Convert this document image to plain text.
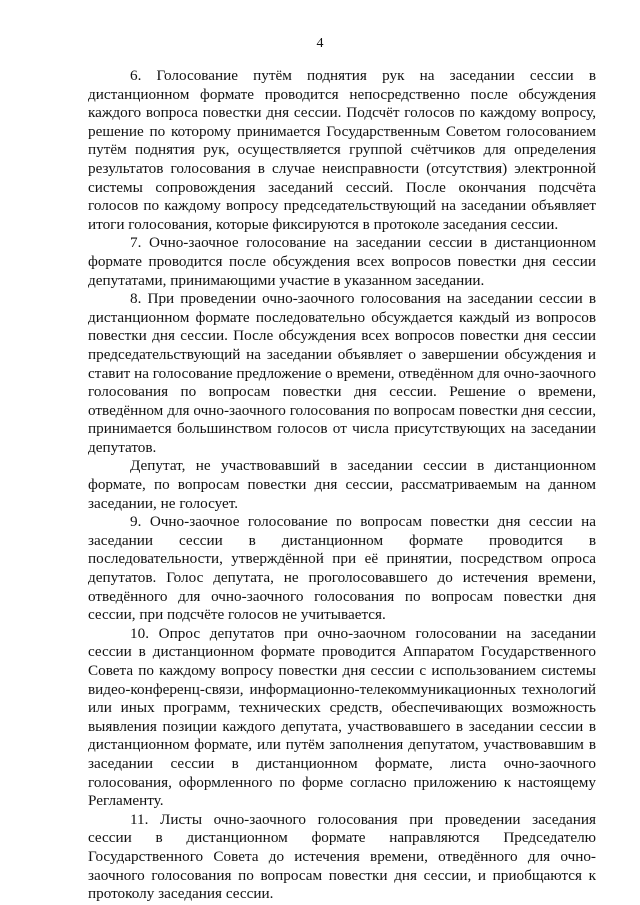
4

6. Голосование путём поднятия рук на заседании сессии в дистанционном формате проводится непосредственно после обсуждения каждого вопроса повестки дня сессии. Подсчёт голосов по каждому вопросу, решение по которому принимается Государственным Советом голосованием путём поднятия рук, осуществляется группой счётчиков для определения результатов голосования в случае неисправности (отсутствия) электронной системы сопровождения заседаний сессий. После окончания подсчёта голосов по каждому вопросу председательствующий на заседании объявляет итоги голосования, которые фиксируются в протоколе заседания сессии.

7. Очно-заочное голосование на заседании сессии в дистанционном формате проводится после обсуждения всех вопросов повестки дня сессии депутатами, принимающими участие в указанном заседании.

8. При проведении очно-заочного голосования на заседании сессии в дистанционном формате последовательно обсуждается каждый из вопросов повестки дня сессии. После обсуждения всех вопросов повестки дня сессии председательствующий на заседании объявляет о завершении обсуждения и ставит на голосование предложение о времени, отведённом для очно-заочного голосования по вопросам повестки дня сессии. Решение о времени, отведённом для очно-заочного голосования по вопросам повестки дня сессии, принимается большинством голосов от числа присутствующих на заседании депутатов.

Депутат, не участвовавший в заседании сессии в дистанционном формате, по вопросам повестки дня сессии, рассматриваемым на данном заседании, не голосует.

9. Очно-заочное голосование по вопросам повестки дня сессии на заседании сессии в дистанционном формате проводится в последовательности, утверждённой при её принятии, посредством опроса депутатов. Голос депутата, не проголосовавшего до истечения времени, отведённого для очно-заочного голосования по вопросам повестки дня сессии, при подсчёте голосов не учитывается.

10. Опрос депутатов при очно-заочном голосовании на заседании сессии в дистанционном формате проводится Аппаратом Государственного Совета по каждому вопросу повестки дня сессии с использованием системы видео-конференц-связи, информационно-телекоммуникационных технологий или иных программ, технических средств, обеспечивающих возможность выявления позиции каждого депутата, участвовавшего в заседании сессии в дистанционном формате, или путём заполнения депутатом, участвовавшим в заседании сессии в дистанционном формате, листа очно-заочного голосования, оформленного по форме согласно приложению к настоящему Регламенту.

11. Листы очно-заочного голосования при проведении заседания сессии в дистанционном формате направляются Председателю Государственного Совета до истечения времени, отведённого для очно-заочного голосования по вопросам повестки дня сессии, и приобщаются к протоколу заседания сессии.
